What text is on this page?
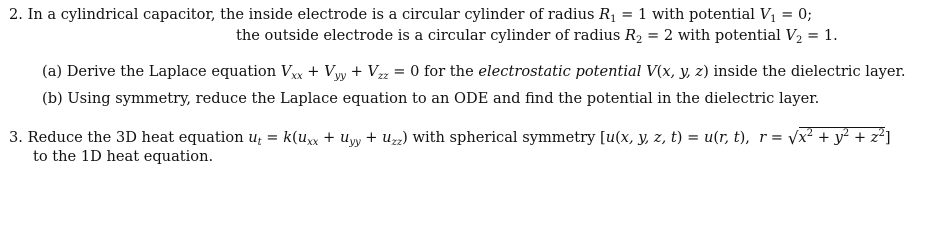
2. In a cylindrical capacitor, the inside electrode is a circular cylinder of radius $R_1 = 1$ with potential $V_1 = 0$;
the outside electrode is a circular cylinder of radius $R_2 = 2$ with potential $V_2 = 1$.
(a) Derive the Laplace equation $V_{xx} + V_{yy} + V_{zz} = 0$ for the electrostatic potential V(x, y, z) inside the dielectric layer.
(b) Using symmetry, reduce the Laplace equation to an ODE and find the potential in the dielectric layer.
3. Reduce the 3D heat equation $u_t = k(u_{xx} + u_{yy} + u_{zz})$ with spherical symmetry [u(x, y, z, t) = u(r, t),  $r = √x^2 + y^2 + z^2$]
to the 1D heat equation.
